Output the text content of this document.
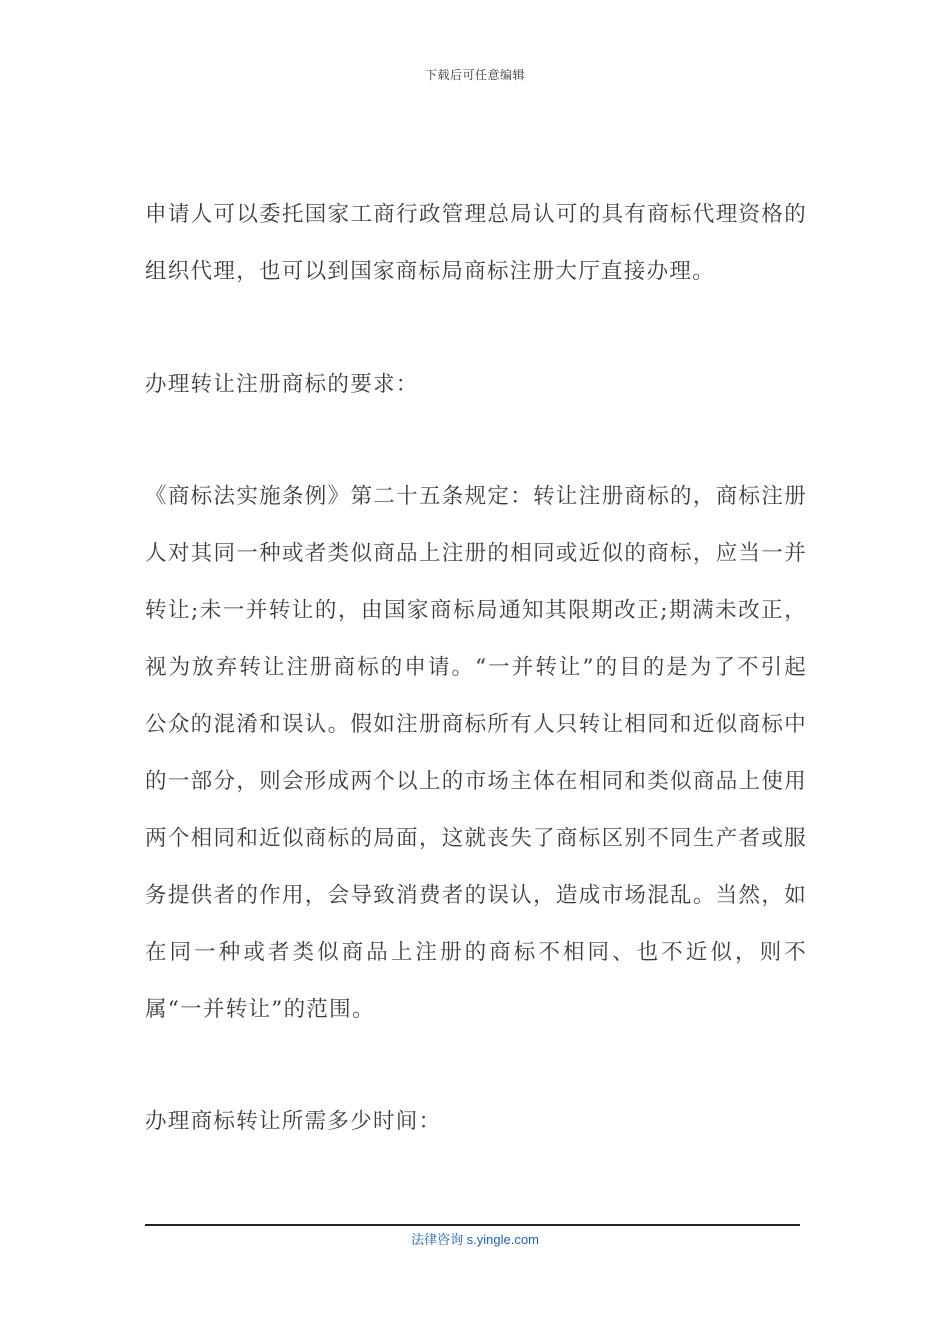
下载后可任意编辑

申请人可以委托国家工商行政管理总局认可的具有商标代理资格的组织代理，也可以到国家商标局商标注册大厅直接办理。

办理转让注册商标的要求：

《商标法实施条例》第二十五条规定：转让注册商标的，商标注册人对其同一种或者类似商品上注册的相同或近似的商标，应当一并转让;未一并转让的，由国家商标局通知其限期改正;期满未改正，视为放弃转让注册商标的申请。“一并转让”的目的是为了不引起公众的混淆和误认。假如注册商标所有人只转让相同和近似商标中的一部分，则会形成两个以上的市场主体在相同和类似商品上使用两个相同和近似商标的局面，这就丧失了商标区别不同生产者或服务提供者的作用，会导致消费者的误认，造成市场混乱。当然，如在同一种或者类似商品上注册的商标不相同、也不近似，则不属“一并转让”的范围。

办理商标转让所需多少时间：

法律咨询 s.yingle.com
